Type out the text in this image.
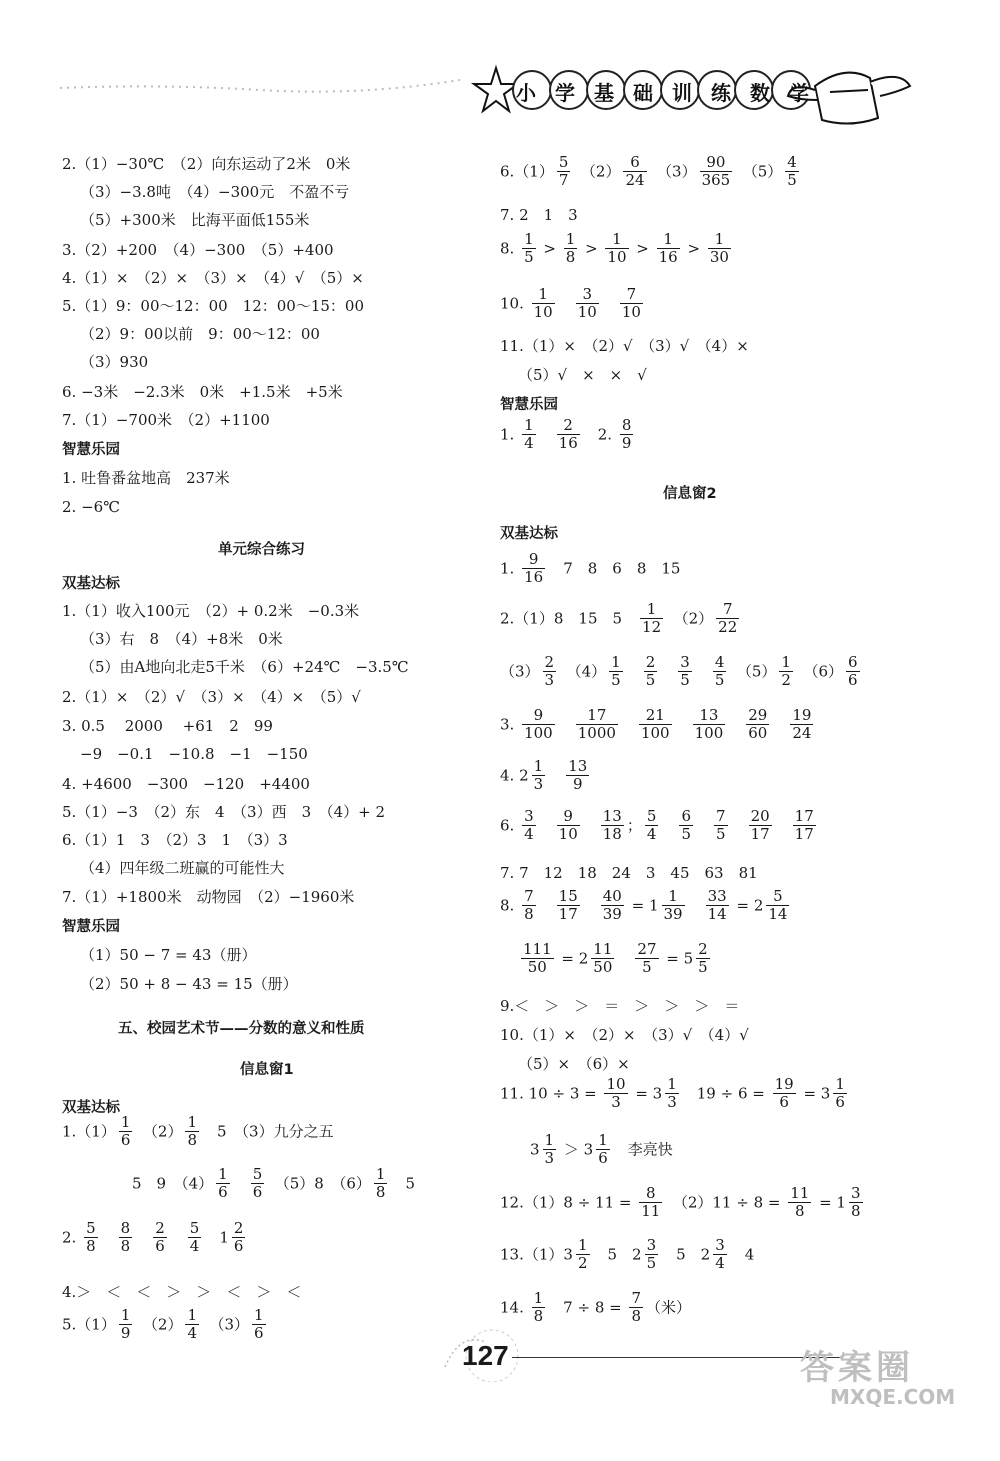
小学基础训练数学
2.（1）−30℃　（2）向东运动了2米　0米
（3）−3.8吨　（4）−300元　不盈不亏
（5）+300米　比海平面低155米
3.（2）+200　（4）−300　（5）+400
4.（1）×　（2）×　（3）×　（4）√　（5）×
5.（1）9：00～12：00　12：00～15：00
（2）9：00以前　9：00～12：00
（3）930
6. −3米　−2.3米　0米　+1.5米　+5米
7.（1）−700米　（2）+1100
智慧乐园
1. 吐鲁番盆地高　237米
2. −6℃
单元综合练习
双基达标
1.（1）收入100元　（2）+ 0.2米　−0.3米
（3）右　8　（4）+8米　0米
（5）由A地向北走5千米　（6）+24℃　−3.5℃
2.（1）×　（2）√　（3）×　（4）×　（5）√
3. 0.5　 2000　 +61　2　99
−9　−0.1　−10.8　−1　−150
4. +4600　−300　−120　+4400
5.（1）−3　（2）东　4　（3）西　3　（4）+ 2
6.（1）1　3　（2）3　1　（3）3
（4）四年级二班赢的可能性大
7.（1）+1800米　动物园　（2）−1960米
智慧乐园
（1）50 − 7 = 43（册）
（2）50 + 8 − 43 = 15（册）
五、校园艺术节——分数的意义和性质
信息窗1
双基达标
$1.(1) \frac{1}{6}$ 　$(2) \frac{1}{8}$ 　5　（3）九分之五
5　9　$(4) \frac{1}{6}$
　 $\frac{5}{6}$ 　（5）8　$(6) \frac{1}{8}$ 　5
2. $\frac{5}{8}$
　 $\frac{8}{8}$
　 $\frac{2}{6}$
　 $\frac{5}{4}$ 　$1 \frac{2}{6}$
4.＞　＜　＜　＞　＞　＜　＞　＜
$5.(1) \frac{1}{9}$ 　$(2) \frac{1}{4}$ 　$(3) \frac{1}{6}$
$6.(1) \frac{5}{7}$ 　$(2) \frac{6}{24}$ 　$(3) \frac{90}{365}$ 　$(5) \frac{4}{5}$
7. 2　1　3
8. $\frac{1}{5} > \frac{1}{8} > \frac{1}{10} > \frac{1}{16} > \frac{1}{30}$
10. $\frac{1}{10}$
　 $\frac{3}{10}$
　 $\frac{7}{10}$
11.（1）×　（2）√　（3）√　（4）×
（5）√　×　×　√
智慧乐园
1. $\frac{1}{4}$
　 $\frac{2}{16}$ 　2. $\frac{8}{9}$
信息窗2
双基达标
1. $\frac{9}{16}$ 　7　8　6　8　15
2.（1）8　15　5　 $\frac{1}{12}$ 　$(2) \frac{7}{22}$
$(3) \frac{2}{3}$ 　$(4) \frac{1}{5}$
　 $\frac{2}{5}$
　 $\frac{3}{5}$
　 $\frac{4}{5}$ 　$(5) \frac{1}{2}$ 　$(6) \frac{6}{6}$
3. $\frac{9}{100}$
　 $\frac{17}{1000}$
　 $\frac{21}{100}$
　 $\frac{13}{100}$
　 $\frac{29}{60}$
　 $\frac{19}{24}$
4. $2 \frac{1}{3}$
　 $\frac{13}{9}$
6. $\frac{3}{4}$
　 $\frac{9}{10}$
　 $\frac{13}{18}$ ； $\frac{5}{4}$
　 $\frac{6}{5}$
　 $\frac{7}{5}$
　 $\frac{20}{17}$
　 $\frac{17}{17}$
7. 7　12　18　24　3　45　63　81
8. $\frac{7}{8}$
　 $\frac{15}{17}$
　 $\frac{40}{39} = 1 \frac{1}{39}$
　 $\frac{33}{14} = 2 \frac{5}{14}$
$\frac{111}{50} = 2 \frac{11}{50}$
　 $\frac{27}{5} = 5 \frac{2}{5}$
9.＜　＞　＞　＝　＞　＞　＞　＝
10.（1）×　（2）×　（3）√　（4）√
（5）×　（6）×
11. $10 \div 3 = \frac{10}{3} = 3 \frac{1}{3}$ 　$19 \div 6 = \frac{19}{6} = 3 \frac{1}{6}$
$3 \frac{1}{3} > 3 \frac{1}{6}$ 　李亮快
$12.(1)8 \div 11 = \frac{8}{11}$ 　$(2)11 \div 8 = \frac{11}{8} = 1 \frac{3}{8}$
$13.(1)3 \frac{1}{2}$ 　5　$2 \frac{3}{5}$ 　5　$2 \frac{3}{4}$ 　4
14. $\frac{1}{8}$ 　$7 \div 8 = \frac{7}{8}$ （米）
127	答案圈
MXQE.COM
